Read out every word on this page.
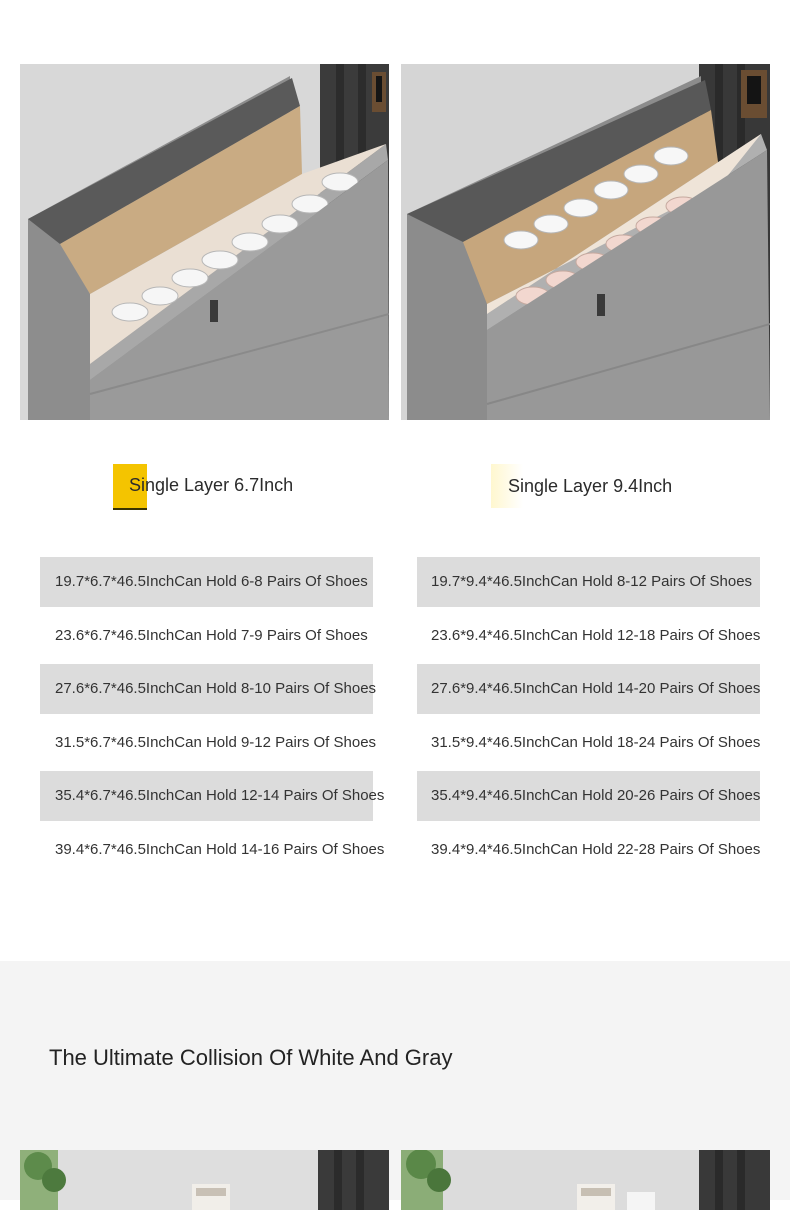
Single Layer 6.7Inch	Single Layer 9.4Inch
19.7*6.7*46.5InchCan Hold 6-8 Pairs Of Shoes
23.6*6.7*46.5InchCan Hold 7-9 Pairs Of Shoes
27.6*6.7*46.5InchCan Hold 8-10 Pairs Of Shoes
31.5*6.7*46.5InchCan Hold 9-12 Pairs Of Shoes
35.4*6.7*46.5InchCan Hold 12-14 Pairs Of Shoes
39.4*6.7*46.5InchCan Hold 14-16 Pairs Of Shoes
19.7*9.4*46.5InchCan Hold 8-12 Pairs Of Shoes
23.6*9.4*46.5InchCan Hold 12-18 Pairs Of Shoes
27.6*9.4*46.5InchCan Hold 14-20 Pairs Of Shoes
31.5*9.4*46.5InchCan Hold 18-24 Pairs Of Shoes
35.4*9.4*46.5InchCan Hold 20-26 Pairs Of Shoes
39.4*9.4*46.5InchCan Hold 22-28 Pairs Of Shoes
The Ultimate Collision Of White And Gray
